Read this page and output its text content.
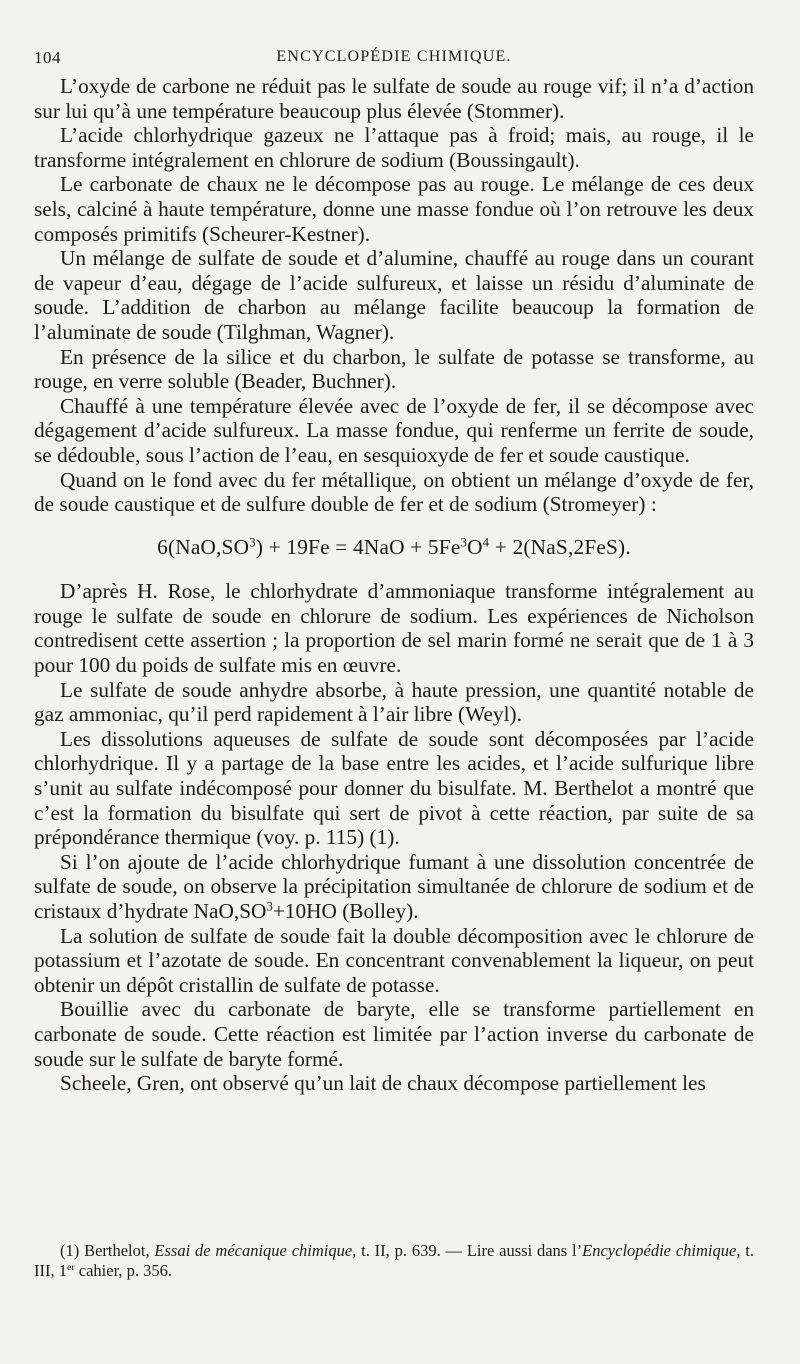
104	ENCYCLOPÉDIE CHIMIQUE.

L’oxyde de carbone ne réduit pas le sulfate de soude au rouge vif; il n’a d’action sur lui qu’à une température beaucoup plus élevée (Stommer).

L’acide chlorhydrique gazeux ne l’attaque pas à froid; mais, au rouge, il le transforme intégralement en chlorure de sodium (Boussingault).

Le carbonate de chaux ne le décompose pas au rouge. Le mélange de ces deux sels, calciné à haute température, donne une masse fondue où l’on retrouve les deux composés primitifs (Scheurer-Kestner).

Un mélange de sulfate de soude et d’alumine, chauffé au rouge dans un courant de vapeur d’eau, dégage de l’acide sulfureux, et laisse un résidu d’aluminate de soude. L’addition de charbon au mélange facilite beaucoup la formation de l’aluminate de soude (Tilghman, Wagner).

En présence de la silice et du charbon, le sulfate de potasse se transforme, au rouge, en verre soluble (Beader, Buchner).

Chauffé à une température élevée avec de l’oxyde de fer, il se décompose avec dégagement d’acide sulfureux. La masse fondue, qui renferme un ferrite de soude, se dédouble, sous l’action de l’eau, en sesquioxyde de fer et soude caustique.

Quand on le fond avec du fer métallique, on obtient un mélange d’oxyde de fer, de soude caustique et de sulfure double de fer et de sodium (Stromeyer) :

$6(NaO,SO^3) + 19Fe = 4NaO + 5Fe^3O^4 + 2(NaS,2FeS)$.

D’après H. Rose, le chlorhydrate d’ammoniaque transforme intégralement au rouge le sulfate de soude en chlorure de sodium. Les expériences de Nicholson contredisent cette assertion ; la proportion de sel marin formé ne serait que de 1 à 3 pour 100 du poids de sulfate mis en œuvre.

Le sulfate de soude anhydre absorbe, à haute pression, une quantité notable de gaz ammoniac, qu’il perd rapidement à l’air libre (Weyl).

Les dissolutions aqueuses de sulfate de soude sont décomposées par l’acide chlorhydrique. Il y a partage de la base entre les acides, et l’acide sulfurique libre s’unit au sulfate indécomposé pour donner du bisulfate. M. Berthelot a montré que c’est la formation du bisulfate qui sert de pivot à cette réaction, par suite de sa prépondérance thermique (voy. p. 115) (1).

Si l’on ajoute de l’acide chlorhydrique fumant à une dissolution concentrée de sulfate de soude, on observe la précipitation simultanée de chlorure de sodium et de cristaux d’hydrate $NaO,SO^3+10HO$ (Bolley).

La solution de sulfate de soude fait la double décomposition avec le chlorure de potassium et l’azotate de soude. En concentrant convenablement la liqueur, on peut obtenir un dépôt cristallin de sulfate de potasse.

Bouillie avec du carbonate de baryte, elle se transforme partiellement en carbonate de soude. Cette réaction est limitée par l’action inverse du carbonate de soude sur le sulfate de baryte formé.

Scheele, Gren, ont observé qu’un lait de chaux décompose partiellement les

(1) Berthelot, Essai de mécanique chimique, t. II, p. 639. — Lire aussi dans l’Encyclopédie chimique, t. III, 1er cahier, p. 356.
